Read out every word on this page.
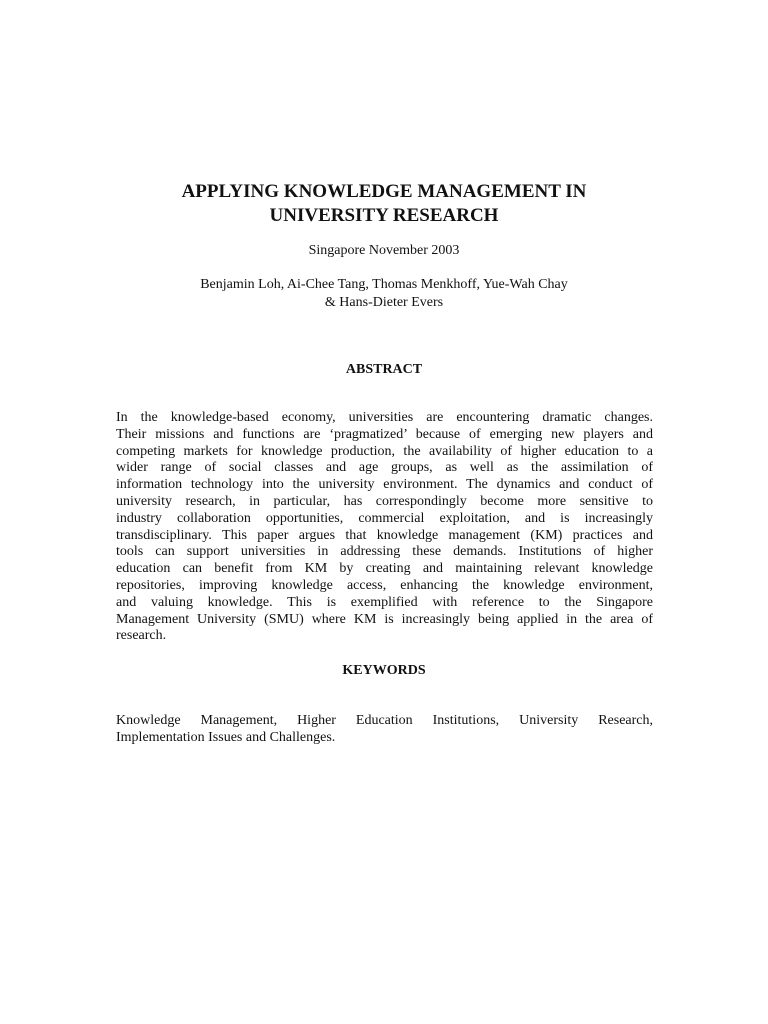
APPLYING KNOWLEDGE MANAGEMENT IN
UNIVERSITY RESEARCH
Singapore November 2003
Benjamin Loh, Ai-Chee Tang, Thomas Menkhoff, Yue-Wah Chay
& Hans-Dieter Evers
ABSTRACT
In the knowledge-based economy, universities are encountering dramatic changes.
Their missions and functions are ‘pragmatized’ because of emerging new players and
competing markets for knowledge production, the availability of higher education to a
wider range of social classes and age groups, as well as the assimilation of
information technology into the university environment. The dynamics and conduct of
university research, in particular, has correspondingly become more sensitive to
industry collaboration opportunities, commercial exploitation, and is increasingly
transdisciplinary. This paper argues that knowledge management (KM) practices and
tools can support universities in addressing these demands. Institutions of higher
education can benefit from KM by creating and maintaining relevant knowledge
repositories, improving knowledge access, enhancing the knowledge environment,
and valuing knowledge. This is exemplified with reference to the Singapore
Management University (SMU) where KM is increasingly being applied in the area of
research.
KEYWORDS
Knowledge Management, Higher Education Institutions, University Research,
Implementation Issues and Challenges.
